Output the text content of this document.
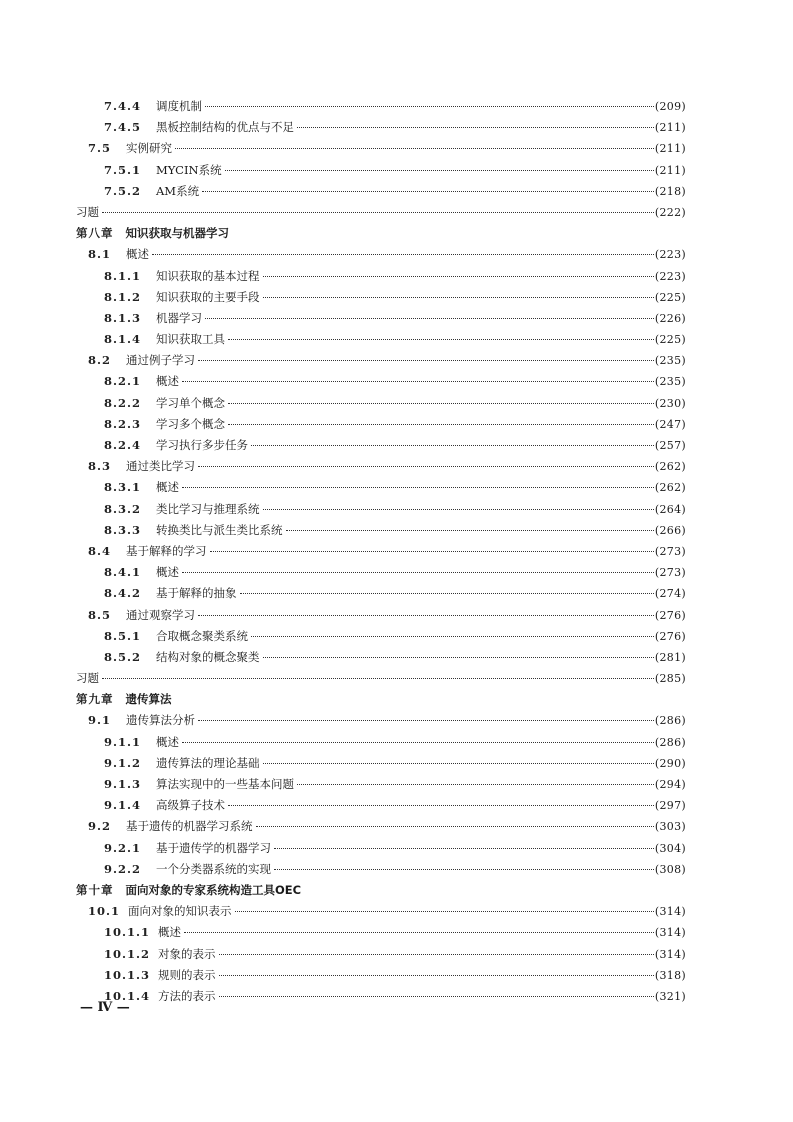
7.4.4	调度机制	(209)
7.4.5	黑板控制结构的优点与不足	(211)
7.5	实例研究	(211)
7.5.1	MYCIN系统	(211)
7.5.2	AM系统	(218)
习题	(222)
第八章 知识获取与机器学习
8.1	概述	(223)
8.1.1	知识获取的基本过程	(223)
8.1.2	知识获取的主要手段	(225)
8.1.3	机器学习	(226)
8.1.4	知识获取工具	(225)
8.2	通过例子学习	(235)
8.2.1	概述	(235)
8.2.2	学习单个概念	(230)
8.2.3	学习多个概念	(247)
8.2.4	学习执行多步任务	(257)
8.3	通过类比学习	(262)
8.3.1	概述	(262)
8.3.2	类比学习与推理系统	(264)
8.3.3	转换类比与派生类比系统	(266)
8.4	基于解释的学习	(273)
8.4.1	概述	(273)
8.4.2	基于解释的抽象	(274)
8.5	通过观察学习	(276)
8.5.1	合取概念聚类系统	(276)
8.5.2	结构对象的概念聚类	(281)
习题	(285)
第九章 遗传算法
9.1	遗传算法分析	(286)
9.1.1	概述	(286)
9.1.2	遗传算法的理论基础	(290)
9.1.3	算法实现中的一些基本问题	(294)
9.1.4	高级算子技术	(297)
9.2	基于遗传的机器学习系统	(303)
9.2.1	基于遗传学的机器学习	(304)
9.2.2	一个分类器系统的实现	(308)
第十章 面向对象的专家系统构造工具OEC
10.1 面向对象的知识表示	(314)
10.1.1 概述	(314)
10.1.2 对象的表示	(314)
10.1.3 规则的表示	(318)
10.1.4 方法的表示	(321)
— Ⅳ —
